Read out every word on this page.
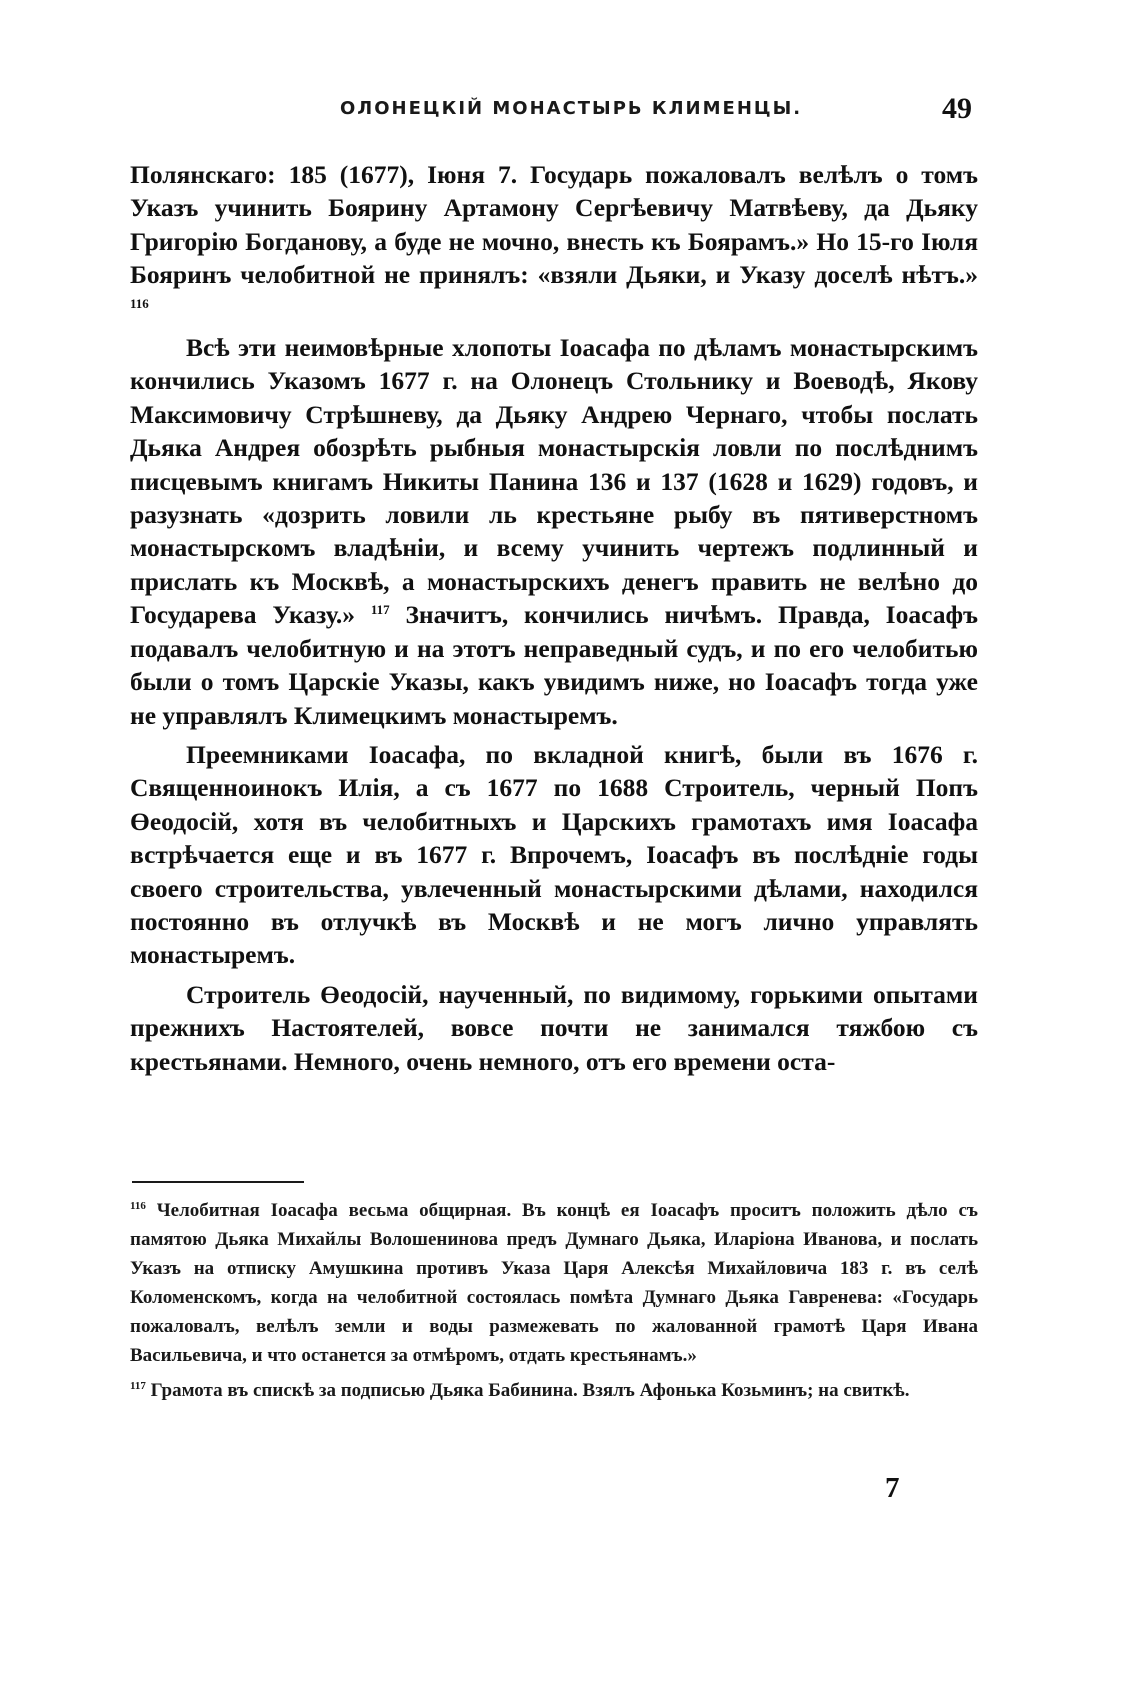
ОЛОНЕЦКІЙ МОНАСТЫРЬ КЛИМЕНЦЫ.	49

Полянскаго: 185 (1677), Іюня 7. Государь пожаловалъ велѣлъ о томъ Указъ учинить Боярину Артамону Сергѣевичу Матвѣеву, да Дьяку Григорію Богданову, а буде не мочно, внесть къ Боярамъ.» Но 15-го Іюля Бояринъ челобитной не принялъ: «взяли Дьяки, и Указу доселѣ нѣтъ.» $^{116}$

Всѣ эти неимовѣрные хлопоты Іоасафа по дѣламъ монастырскимъ кончились Указомъ 1677 г. на Олонецъ Стольнику и Воеводѣ, Якову Максимовичу Стрѣшневу, да Дьяку Андрею Чернаго, чтобы послать Дьяка Андрея обозрѣть рыбныя монастырскія ловли по послѣднимъ писцевымъ книгамъ Никиты Панина 136 и 137 (1628 и 1629) годовъ, и разузнать «дозрить ловили ль крестьяне рыбу въ пятиверстномъ монастырскомъ владѣніи, и всему учинить чертежъ подлинный и прислать къ Москвѣ, а монастырскихъ денегъ править не велѣно до Государева Указу.» $^{117}$ Значитъ, кончились ничѣмъ. Правда, Іоасафъ подавалъ челобитную и на этотъ неправедный судъ, и по его челобитью были о томъ Царскіе Указы, какъ увидимъ ниже, но Іоасафъ тогда уже не управлялъ Климецкимъ монастыремъ.

Преемниками Іоасафа, по вкладной книгѣ, были въ 1676 г. Священноинокъ Илія, а съ 1677 по 1688 Строитель, черный Попъ Өеодосій, хотя въ челобитныхъ и Царскихъ грамотахъ имя Іоасафа встрѣчается еще и въ 1677 г. Впрочемъ, Іоасафъ въ послѣдніе годы своего строительства, увлеченный монастырскими дѣлами, находился постоянно въ отлучкѣ въ Москвѣ и не могъ лично управлять монастыремъ.

Строитель Өеодосій, наученный, по видимому, горькими опытами прежнихъ Настоятелей, вовсе почти не занимался тяжбою съ крестьянами. Немного, очень немного, отъ его времени оста-

$^{116}$ Челобитная Іоасафа весьма общирная. Въ концѣ ея Іоасафъ проситъ положить дѣло съ памятою Дьяка Михайлы Волошенинова предъ Думнаго Дьяка, Иларіона Иванова, и послать Указъ на отписку Амушкина противъ Указа Царя Алексѣя Михайловича 183 г. въ селѣ Коломенскомъ, когда на челобитной состоялась помѣта Думнаго Дьяка Гавренева: «Государь пожаловалъ, велѣлъ земли и воды размежевать по жалованной грамотѣ Царя Ивана Васильевича, и что останется за отмѣромъ, отдать крестьянамъ.»

$^{117}$ Грамота въ спискѣ за подписью Дьяка Бабинина. Взялъ Афонька Козьминъ; на свиткѣ.

7
